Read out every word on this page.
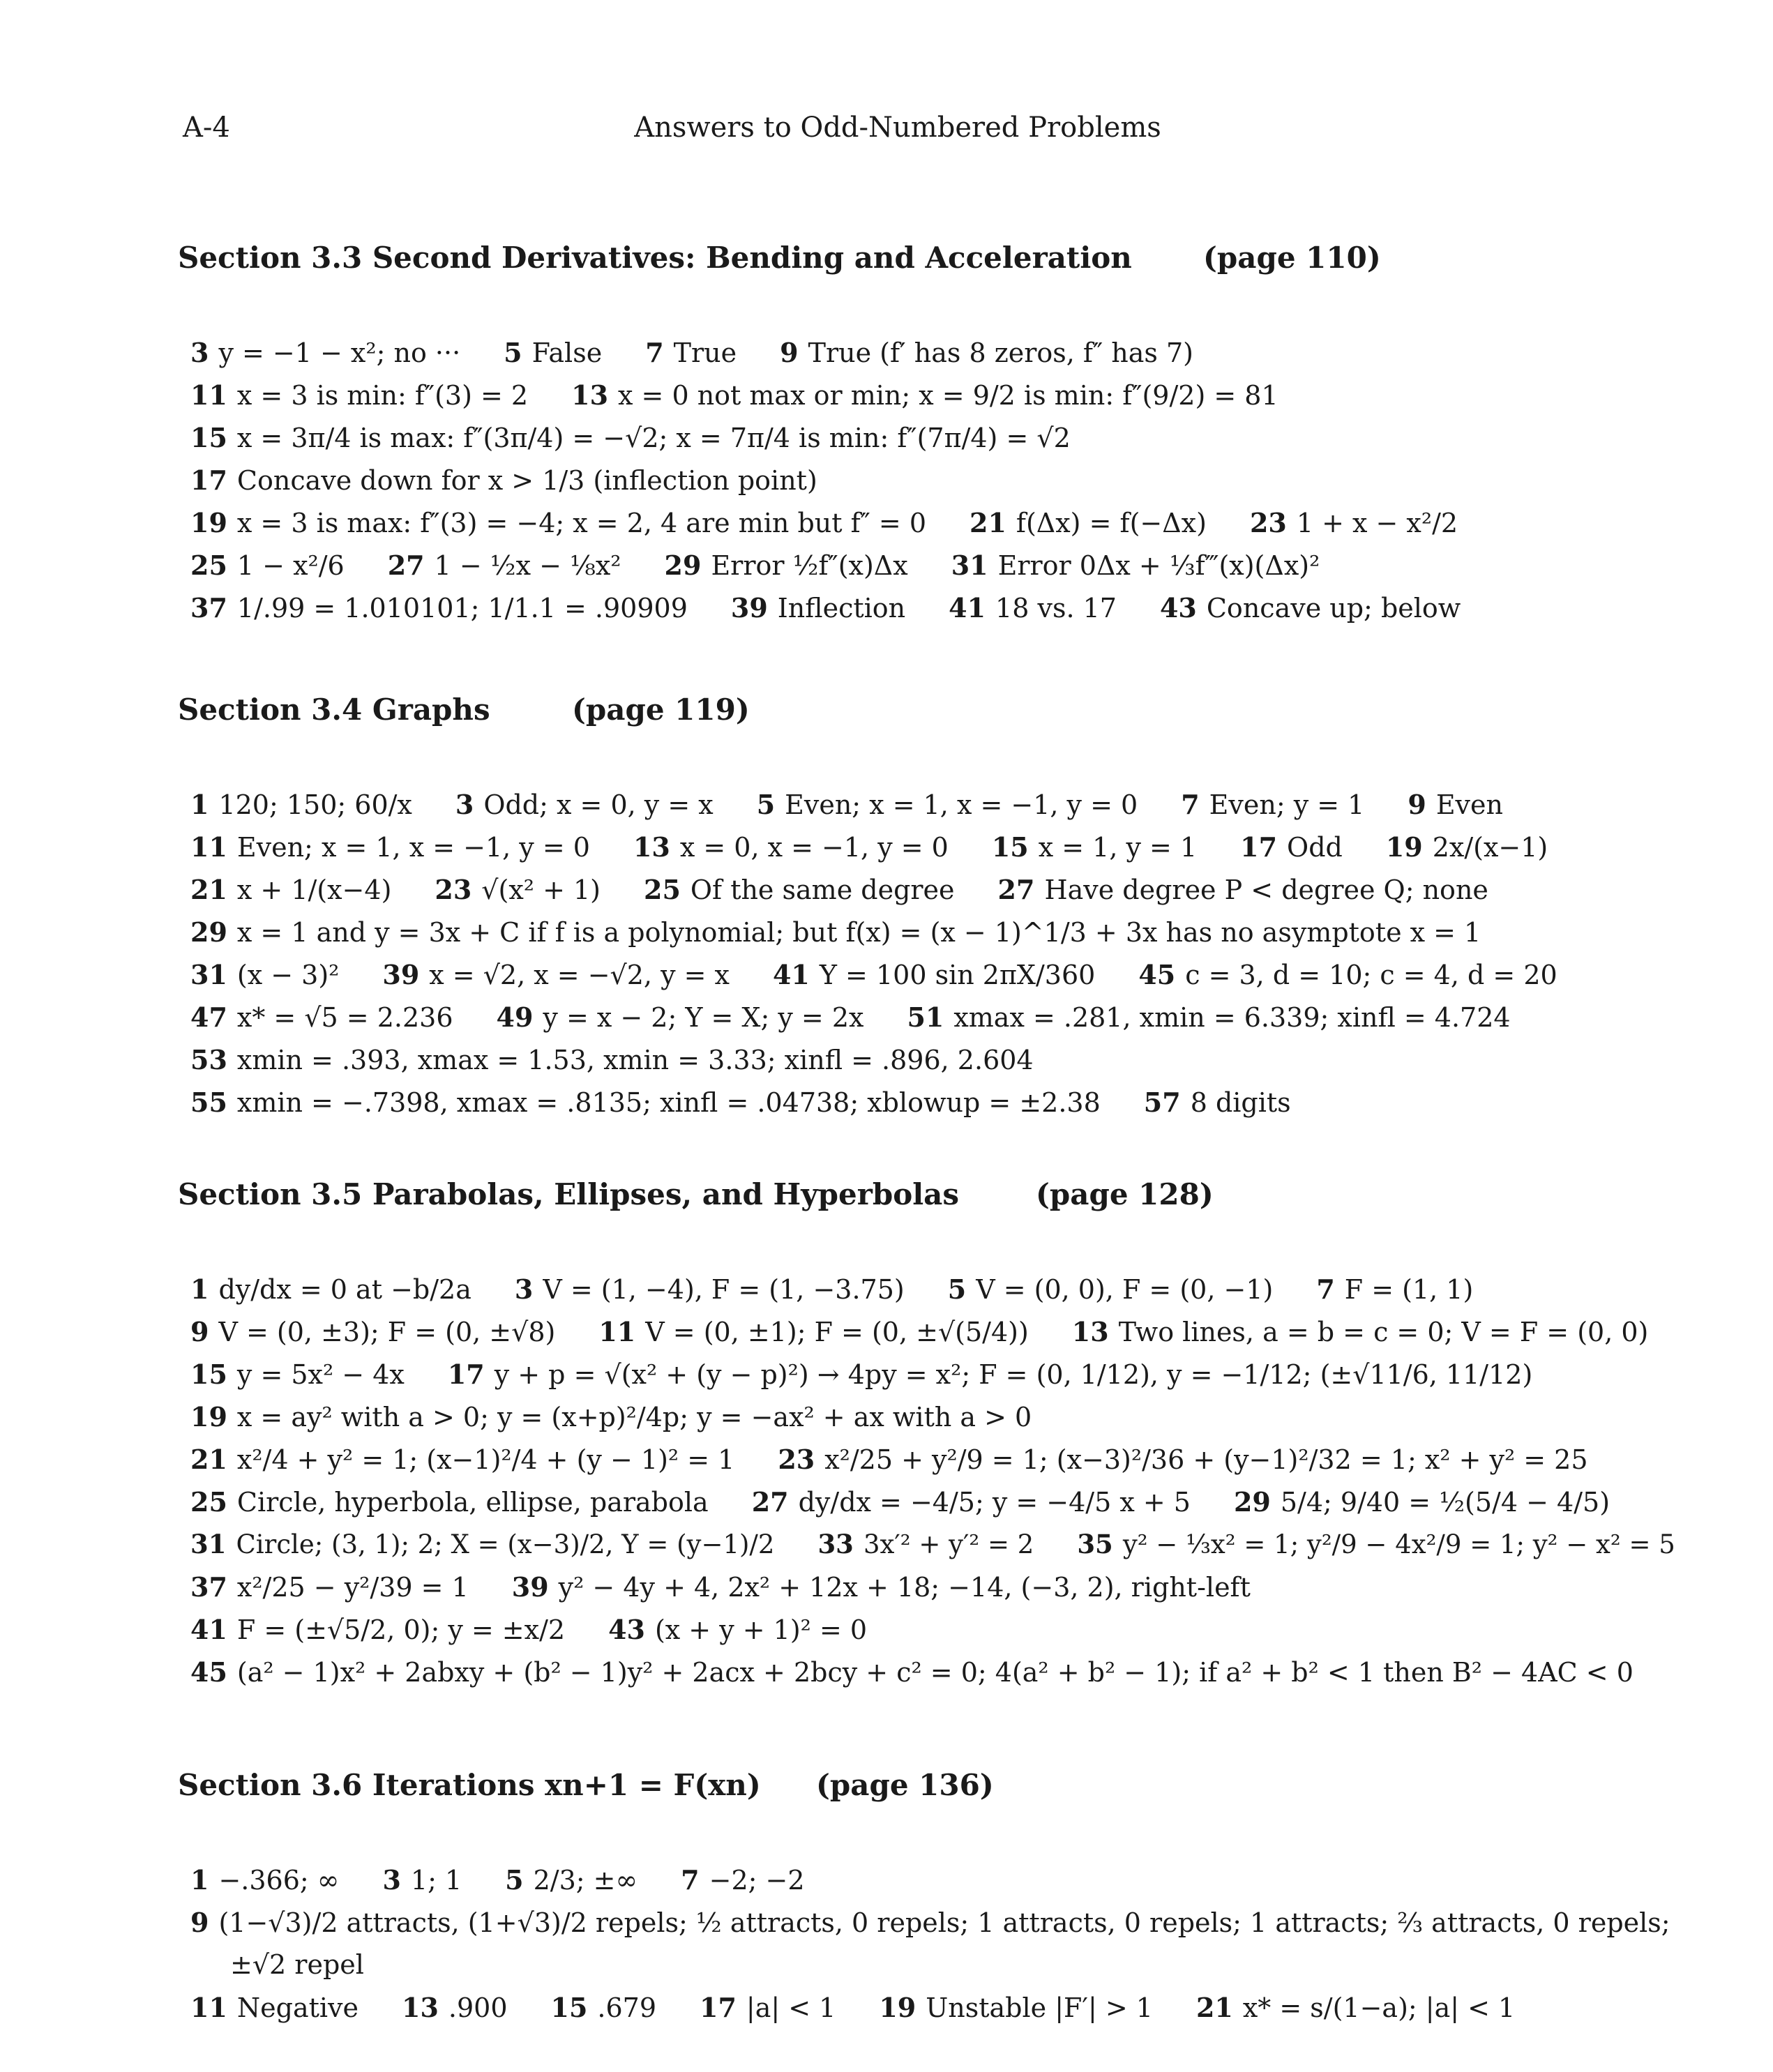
A-4	Answers to Odd-Numbered Problems
Section 3.3 Second Derivatives: Bending and Acceleration (page 110)
3 y = −1 − x²; no ··· 5 False 7 True 9 True (f′ has 8 zeros, f″ has 7)
11 x = 3 is min: f″(3) = 2 13 x = 0 not max or min; x = 9/2 is min: f″(9/2) = 81
15 x = 3π/4 is max: f″(3π/4) = −√2; x = 7π/4 is min: f″(7π/4) = √2
17 Concave down for x > 1/3 (inflection point)
19 x = 3 is max: f″(3) = −4; x = 2, 4 are min but f″ = 0 21 f(Δx) = f(−Δx) 23 1 + x − x²/2
25 1 − x²/6 27 1 − ½x − ⅛x² 29 Error ½f″(x)Δx 31 Error 0Δx + ⅓f‴(x)(Δx)²
37 1/.99 = 1.010101; 1/1.1 = .90909 39 Inflection 41 18 vs. 17 43 Concave up; below
Section 3.4 Graphs	(page 119)
1 120; 150; 60/x 3 Odd; x = 0, y = x 5 Even; x = 1, x = −1, y = 0 7 Even; y = 1 9 Even
11 Even; x = 1, x = −1, y = 0 13 x = 0, x = −1, y = 0 15 x = 1, y = 1 17 Odd 19 2x/(x−1)
21 x + 1/(x−4) 23 √(x² + 1) 25 Of the same degree 27 Have degree P < degree Q; none
29 x = 1 and y = 3x + C if f is a polynomial; but f(x) = (x − 1)^1/3 + 3x has no asymptote x = 1
31 (x − 3)² 39 x = √2, x = −√2, y = x 41 Y = 100 sin 2πX/360 45 c = 3, d = 10; c = 4, d = 20
47 x* = √5 = 2.236 49 y = x − 2; Y = X; y = 2x 51 xmax = .281, xmin = 6.339; xinfl = 4.724
53 xmin = .393, xmax = 1.53, xmin = 3.33; xinfl = .896, 2.604
55 xmin = −.7398, xmax = .8135; xinfl = .04738; xblowup = ±2.38 57 8 digits
Section 3.5 Parabolas, Ellipses, and Hyperbolas	(page 128)
1 dy/dx = 0 at −b/2a 3 V = (1, −4), F = (1, −3.75) 5 V = (0, 0), F = (0, −1) 7 F = (1, 1)
9 V = (0, ±3); F = (0, ±√8) 11 V = (0, ±1); F = (0, ±√(5/4)) 13 Two lines, a = b = c = 0; V = F = (0, 0)
15 y = 5x² − 4x 17 y + p = √(x² + (y − p)²) → 4py = x²; F = (0, 1/12), y = −1/12; (±√11/6, 11/12)
19 x = ay² with a > 0; y = (x+p)²/4p; y = −ax² + ax with a > 0
21 x²/4 + y² = 1; (x−1)²/4 + (y − 1)² = 1 23 x²/25 + y²/9 = 1; (x−3)²/36 + (y−1)²/32 = 1; x² + y² = 25
25 Circle, hyperbola, ellipse, parabola 27 dy/dx = −4/5; y = −4/5 x + 5 29 5/4; 9/40 = ½(5/4 − 4/5)
31 Circle; (3, 1); 2; X = (x−3)/2, Y = (y−1)/2 33 3x′² + y′² = 2 35 y² − ⅓x² = 1; y²/9 − 4x²/9 = 1; y² − x² = 5
37 x²/25 − y²/39 = 1 39 y² − 4y + 4, 2x² + 12x + 18; −14, (−3, 2), right-left
41 F = (±√5/2, 0); y = ±x/2 43 (x + y + 1)² = 0
45 (a² − 1)x² + 2abxy + (b² − 1)y² + 2acx + 2bcy + c² = 0; 4(a² + b² − 1); if a² + b² < 1 then B² − 4AC < 0
Section 3.6 Iterations xn+1 = F(xn) (page 136)
1 −.366; ∞ 3 1; 1 5 2/3; ±∞ 7 −2; −2
9 (1−√3)/2 attracts, (1+√3)/2 repels; ½ attracts, 0 repels; 1 attracts, 0 repels; 1 attracts; ⅔ attracts, 0 repels;
±√2 repel
11 Negative 13 .900 15 .679 17 |a| < 1 19 Unstable |F′| > 1 21 x* = s/(1−a); |a| < 1
